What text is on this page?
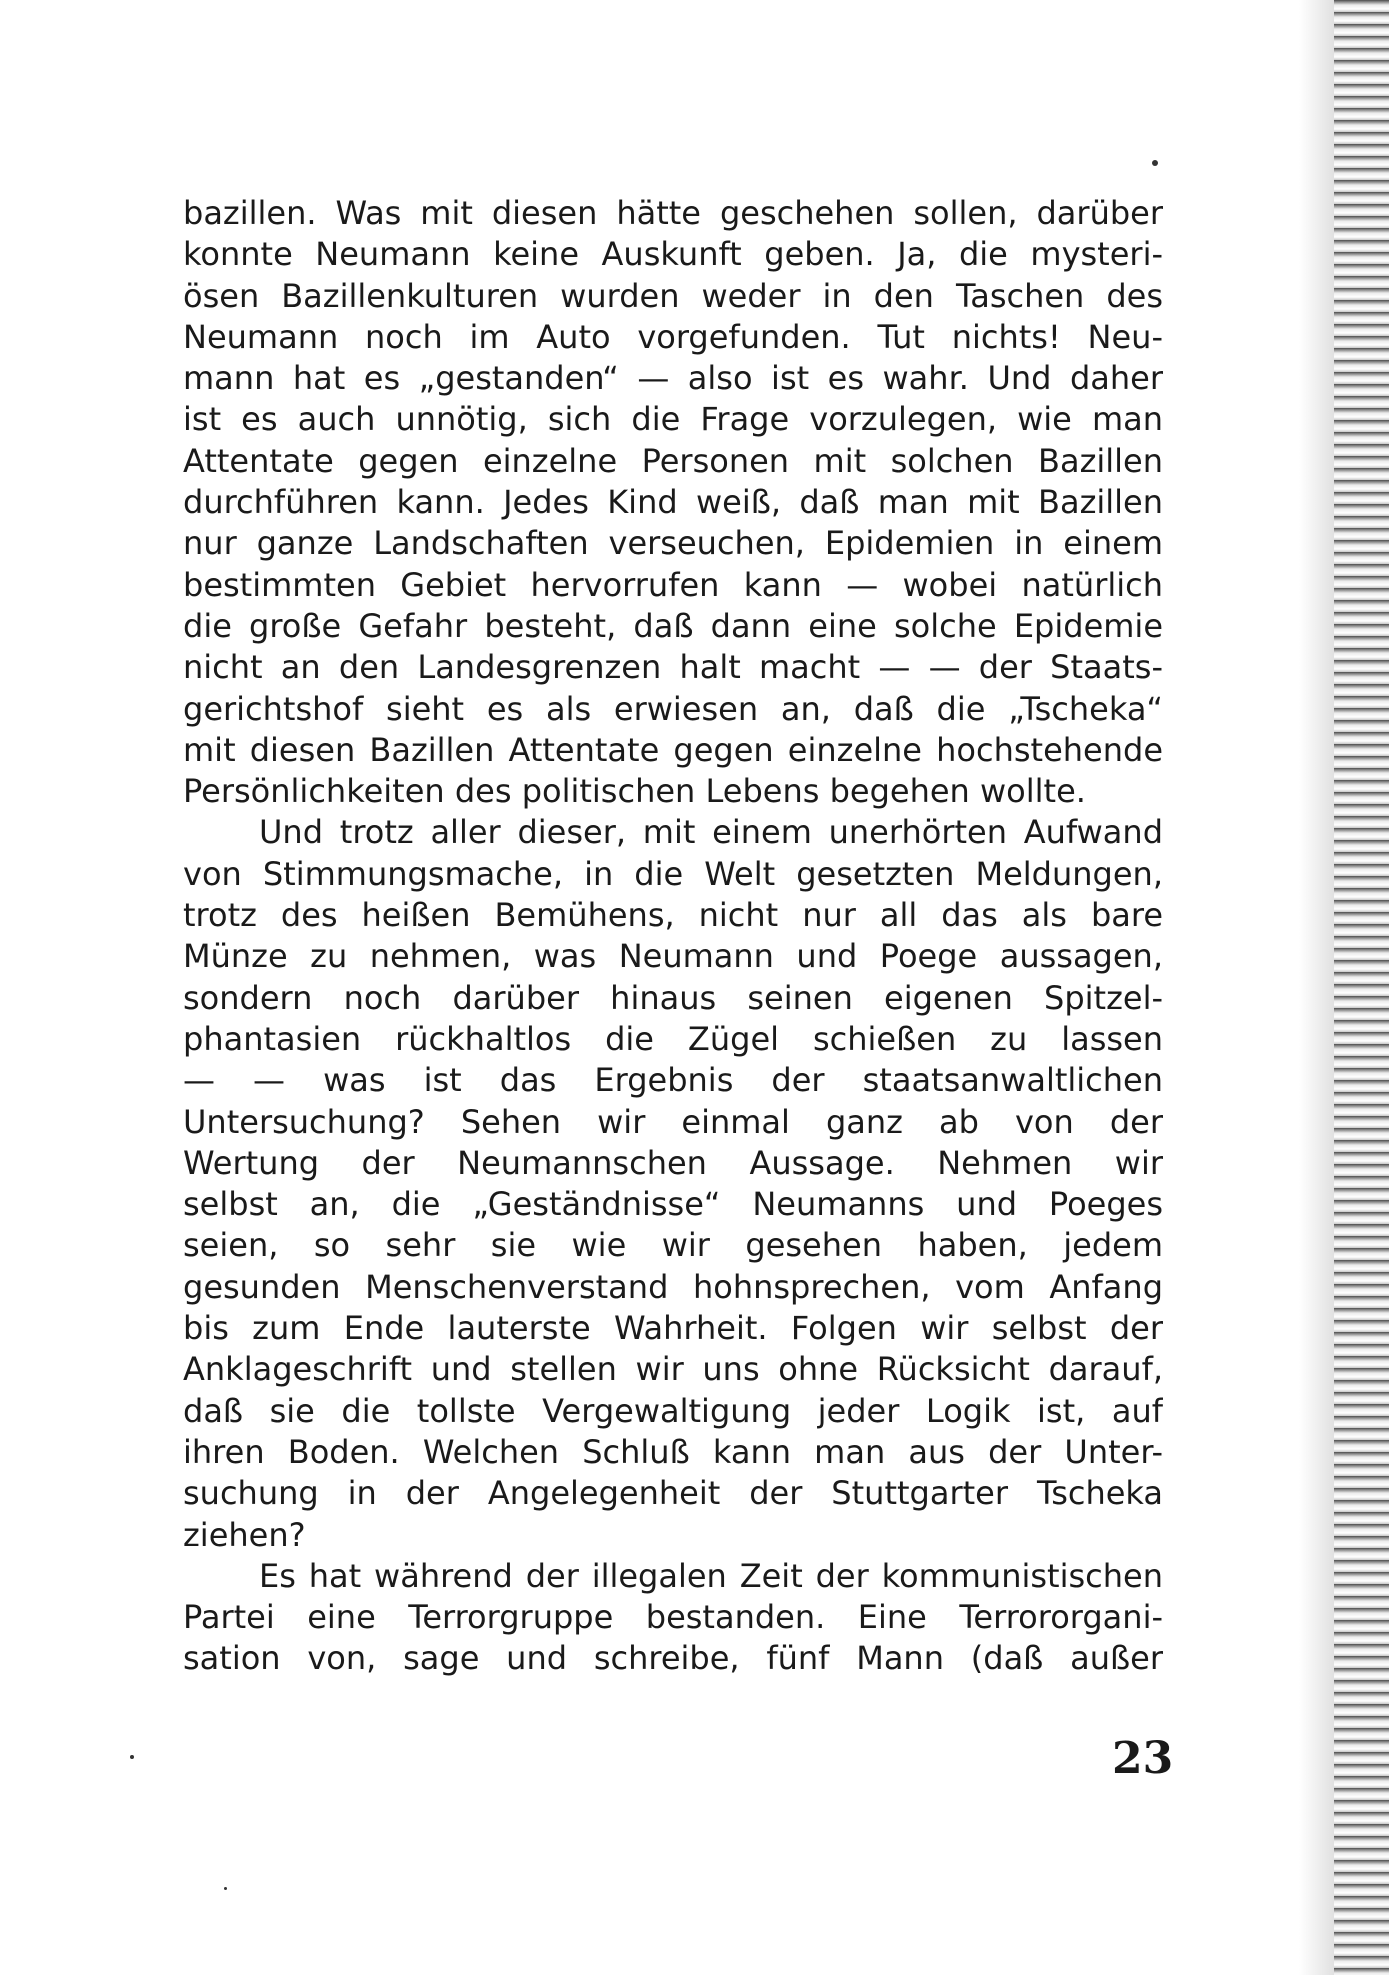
bazillen. Was mit diesen hätte geschehen sollen, darüber
konnte Neumann keine Auskunft geben. Ja, die mysteri-
ösen Bazillenkulturen wurden weder in den Taschen des
Neumann noch im Auto vorgefunden. Tut nichts! Neu-
mann hat es „gestanden“ — also ist es wahr. Und daher
ist es auch unnötig, sich die Frage vorzulegen, wie man
Attentate gegen einzelne Personen mit solchen Bazillen
durchführen kann. Jedes Kind weiß, daß man mit Bazillen
nur ganze Landschaften verseuchen, Epidemien in einem
bestimmten Gebiet hervorrufen kann — wobei natürlich
die große Gefahr besteht, daß dann eine solche Epidemie
nicht an den Landesgrenzen halt macht — — der Staats-
gerichtshof sieht es als erwiesen an, daß die „Tscheka“
mit diesen Bazillen Attentate gegen einzelne hochstehende
Persönlichkeiten des politischen Lebens begehen wollte.
Und trotz aller dieser, mit einem unerhörten Aufwand
von Stimmungsmache, in die Welt gesetzten Meldungen,
trotz des heißen Bemühens, nicht nur all das als bare
Münze zu nehmen, was Neumann und Poege aussagen,
sondern noch darüber hinaus seinen eigenen Spitzel-
phantasien rückhaltlos die Zügel schießen zu lassen
— — was ist das Ergebnis der staatsanwaltlichen
Untersuchung? Sehen wir einmal ganz ab von der
Wertung der Neumannschen Aussage. Nehmen wir
selbst an, die „Geständnisse“ Neumanns und Poeges
seien, so sehr sie wie wir gesehen haben, jedem
gesunden Menschenverstand hohnsprechen, vom Anfang
bis zum Ende lauterste Wahrheit. Folgen wir selbst der
Anklageschrift und stellen wir uns ohne Rücksicht darauf,
daß sie die tollste Vergewaltigung jeder Logik ist, auf
ihren Boden. Welchen Schluß kann man aus der Unter-
suchung in der Angelegenheit der Stuttgarter Tscheka
ziehen?
Es hat während der illegalen Zeit der kommunistischen
Partei eine Terrorgruppe bestanden. Eine Terrororgani-
sation von, sage und schreibe, fünf Mann (daß außer
23
